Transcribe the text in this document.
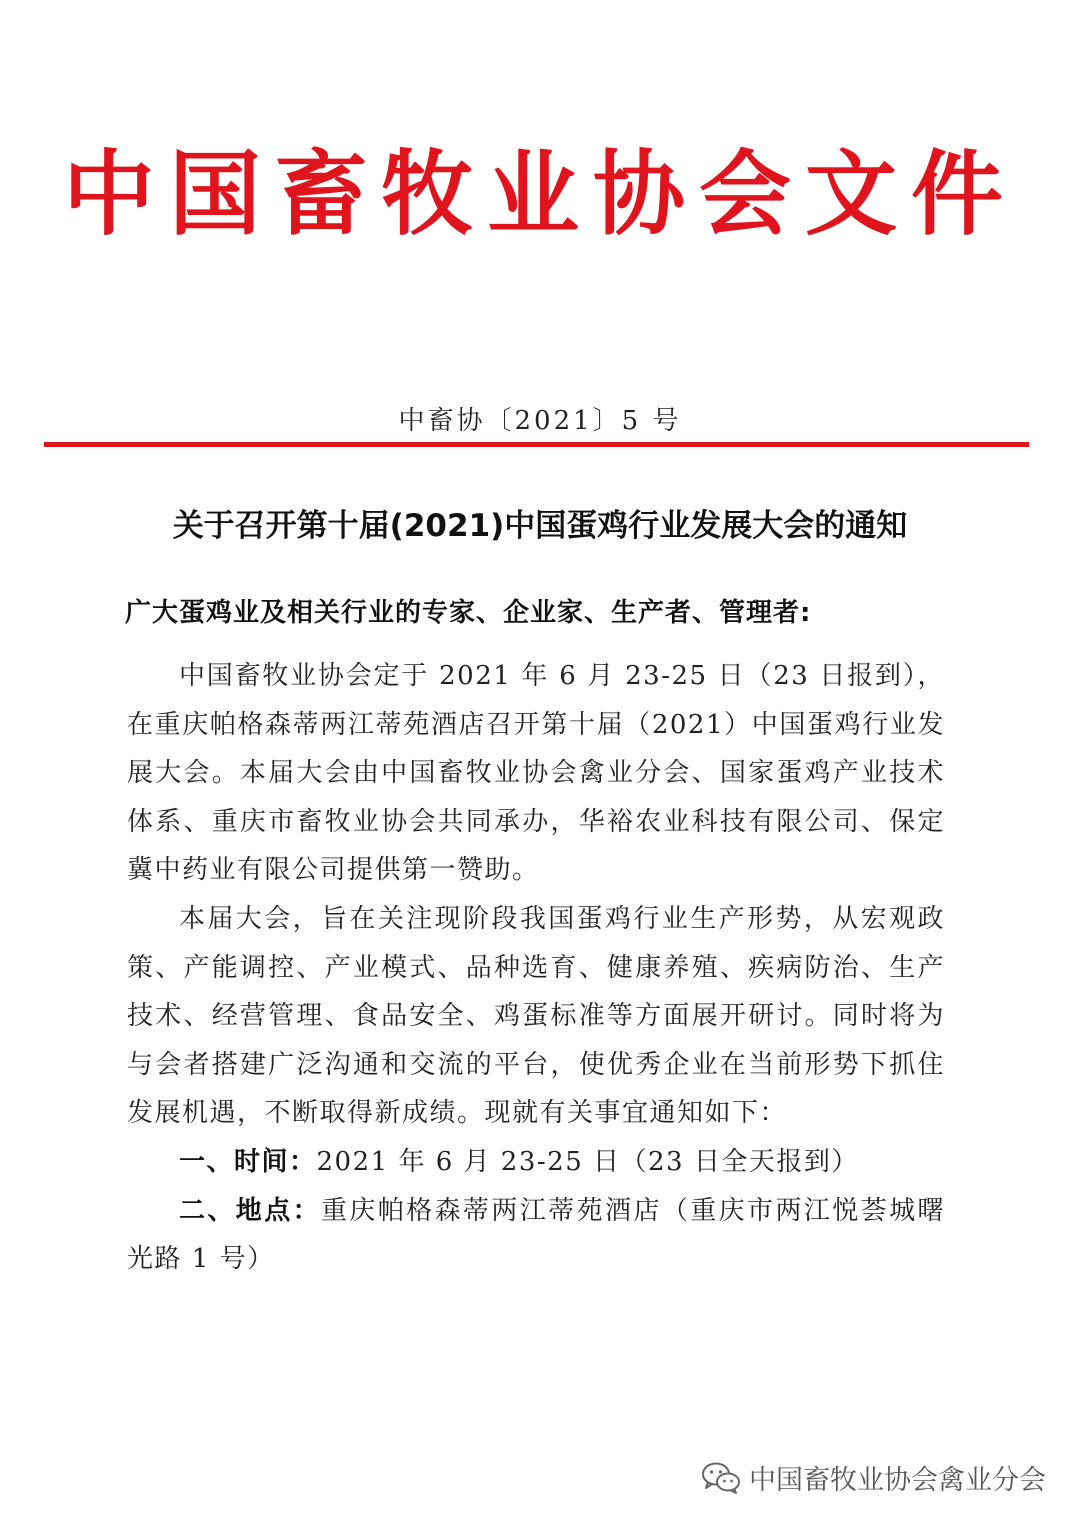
中国畜牧业协会文件
中畜协〔2021〕5 号
关于召开第十届(2021)中国蛋鸡行业发展大会的通知
广大蛋鸡业及相关行业的专家、企业家、生产者、管理者:

中国畜牧业协会定于 2021 年 6 月 23-25 日（23 日报到），在重庆帕格森蒂两江蒂苑酒店召开第十届（2021）中国蛋鸡行业发展大会。本届大会由中国畜牧业协会禽业分会、国家蛋鸡产业技术体系、重庆市畜牧业协会共同承办，华裕农业科技有限公司、保定冀中药业有限公司提供第一赞助。

本届大会，旨在关注现阶段我国蛋鸡行业生产形势，从宏观政策、产能调控、产业模式、品种选育、健康养殖、疾病防治、生产技术、经营管理、食品安全、鸡蛋标准等方面展开研讨。同时将为与会者搭建广泛沟通和交流的平台，使优秀企业在当前形势下抓住发展机遇，不断取得新成绩。现就有关事宜通知如下：

一、时间：2021 年 6 月 23-25 日（23 日全天报到）

二、地点：重庆帕格森蒂两江蒂苑酒店（重庆市两江悦荟城曙光路 1 号）

中国畜牧业协会禽业分会
